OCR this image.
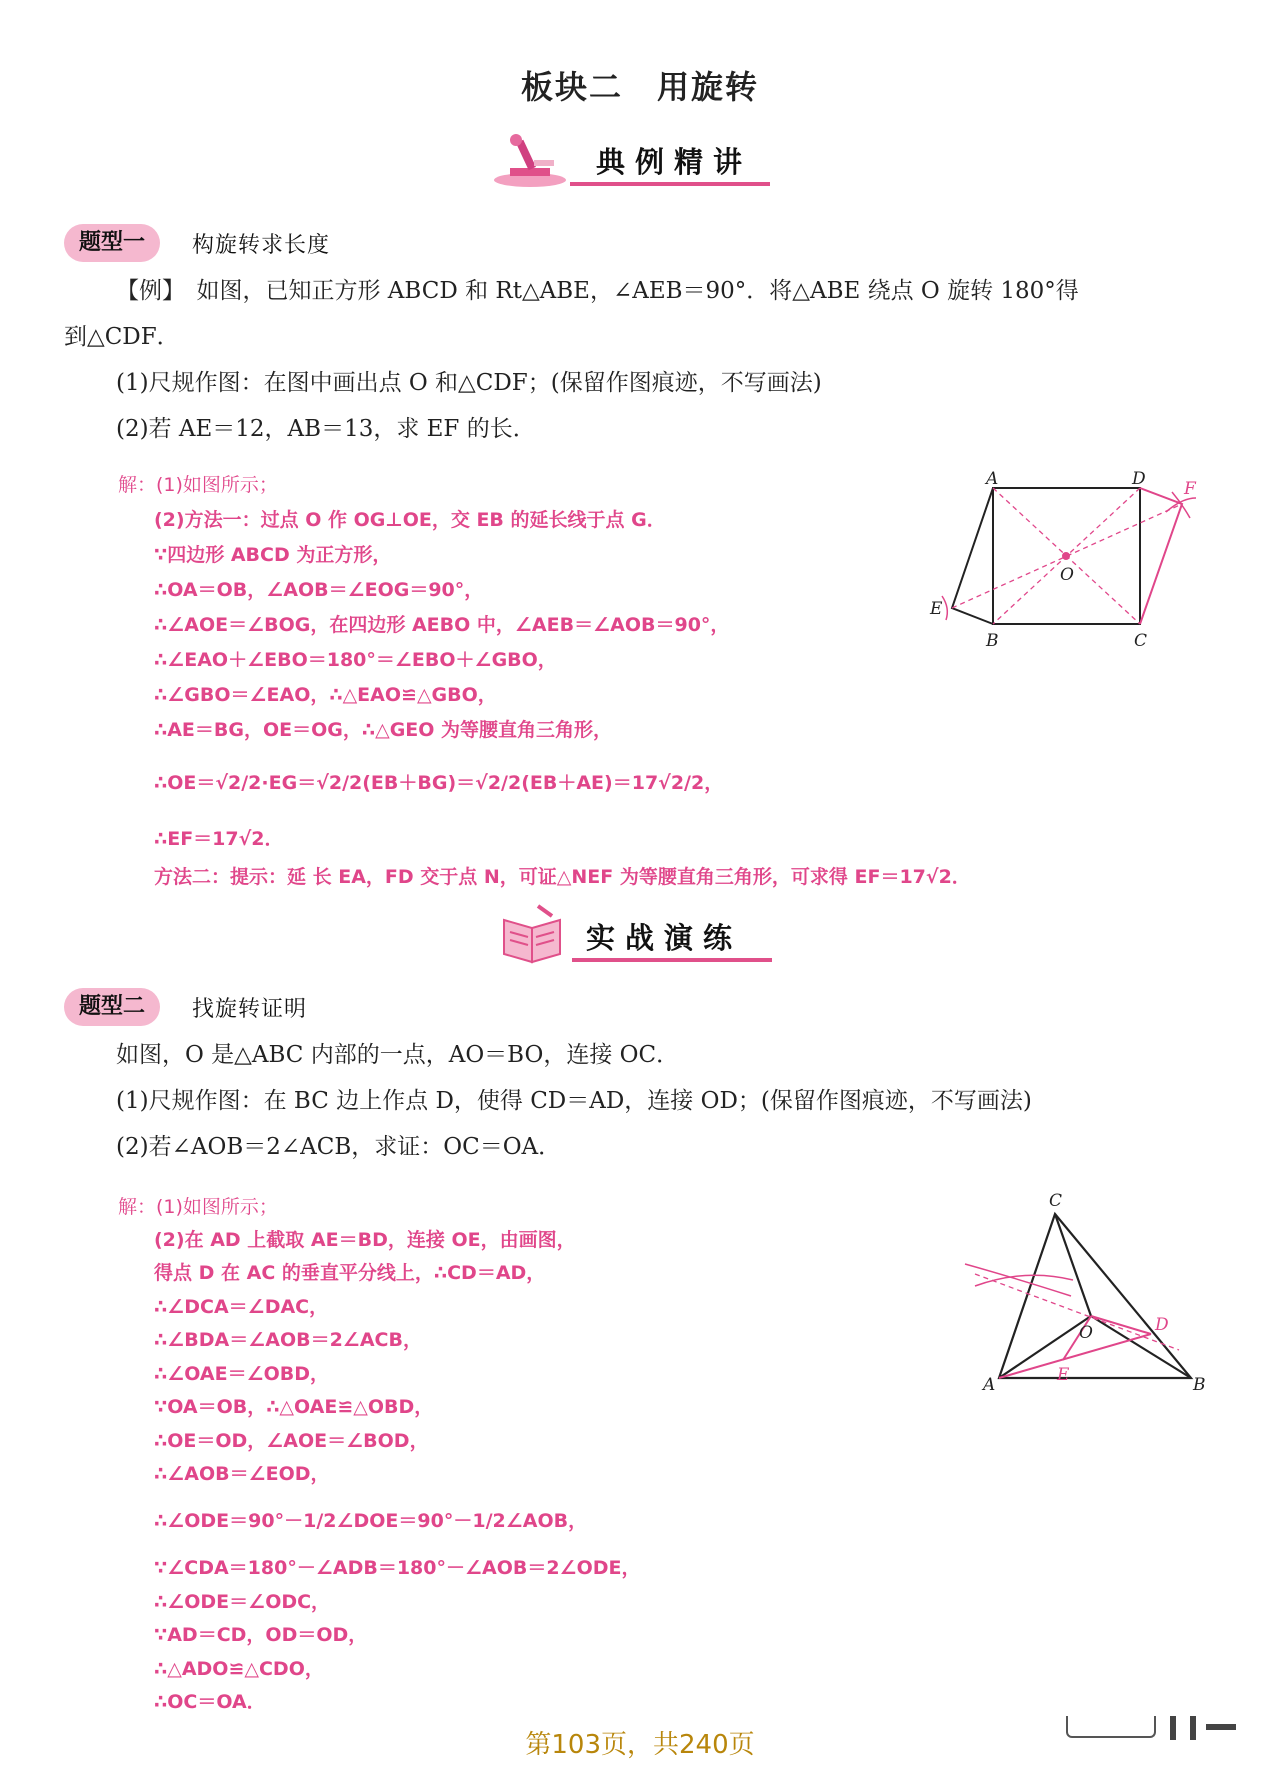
板块二　用旋转
典例精讲
题型一	构旋转求长度
【例】　如图，已知正方形 ABCD 和 Rt△ABE，∠AEB＝90°．将△ABE 绕点 O 旋转 180°得
到△CDF．
(1)尺规作图：在图中画出点 O 和△CDF；(保留作图痕迹，不写画法)
(2)若 AE＝12，AB＝13，求 EF 的长．
解：(1)如图所示；
(2)方法一：过点 O 作 OG⊥OE，交 EB 的延长线于点 G．
∵四边形 ABCD 为正方形，
∴OA＝OB，∠AOB＝∠EOG＝90°，
∴∠AOE＝∠BOG，在四边形 AEBO 中，∠AEB＝∠AOB＝90°，
∴∠EAO＋∠EBO＝180°＝∠EBO＋∠GBO，
∴∠GBO＝∠EAO，∴△EAO≌△GBO，
∴AE＝BG，OE＝OG，∴△GEO 为等腰直角三角形，
∴OE＝√2/2·EG＝√2/2(EB＋BG)＝√2/2(EB＋AE)＝17√2/2，
∴EF＝17√2．
方法二：提示：延 长 EA，FD 交于点 N，可证△NEF 为等腰直角三角形，可求得 EF＝17√2．
A	D
B	C
E
O
F
实战演练
题型二	找旋转证明
如图，O 是△ABC 内部的一点，AO＝BO，连接 OC．
(1)尺规作图：在 BC 边上作点 D，使得 CD＝AD，连接 OD；(保留作图痕迹，不写画法)
(2)若∠AOB＝2∠ACB，求证：OC＝OA．
解：(1)如图所示；
(2)在 AD 上截取 AE＝BD，连接 OE，由画图，
得点 D 在 AC 的垂直平分线上，∴CD＝AD，
∴∠DCA＝∠DAC，
∴∠BDA＝∠AOB＝2∠ACB，
∴∠OAE＝∠OBD，
∵OA＝OB，∴△OAE≌△OBD，
∴OE＝OD，∠AOE＝∠BOD，
∴∠AOB＝∠EOD，
∴∠ODE＝90°－1/2∠DOE＝90°－1/2∠AOB，
∵∠CDA＝180°－∠ADB＝180°－∠AOB＝2∠ODE，
∴∠ODE＝∠ODC，
∵AD＝CD，OD＝OD，
∴△ADO≌△CDO，
∴OC＝OA．
C
A	B
O	D
E
第103页，共240页
